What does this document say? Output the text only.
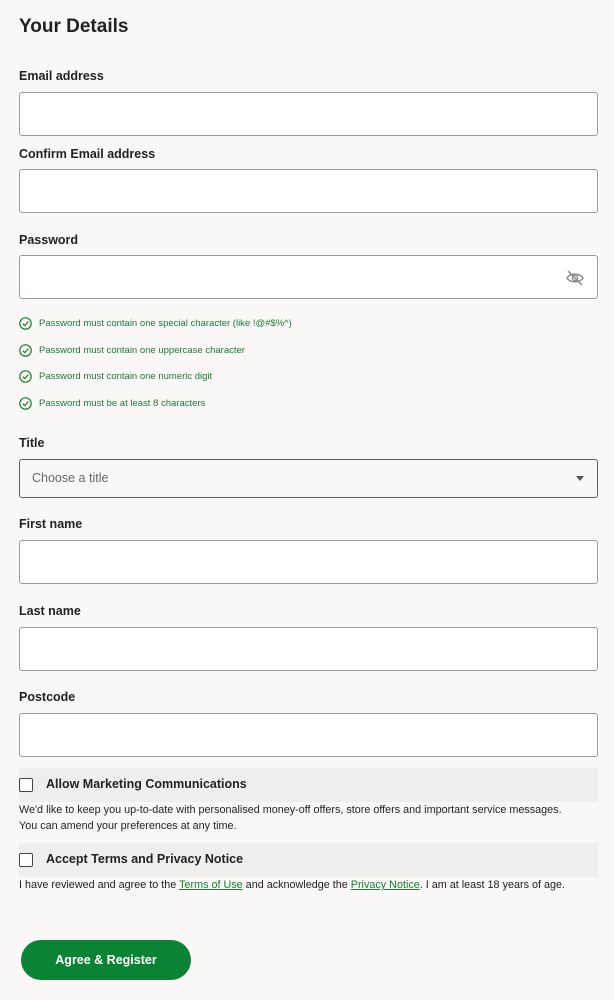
Your Details
Email address
Confirm Email address
Password
Password must contain one special character (like !@#$%^)
Password must contain one uppercase character
Password must contain one numeric digit
Password must be at least 8 characters
Title
Choose a title
First name
Last name
Postcode
Allow Marketing Communications
We'd like to keep you up-to-date with personalised money-off offers, store offers and important service messages.
You can amend your preferences at any time.
Accept Terms and Privacy Notice
I have reviewed and agree to the Terms of Use and acknowledge the Privacy Notice. I am at least 18 years of age.
Agree & Register
